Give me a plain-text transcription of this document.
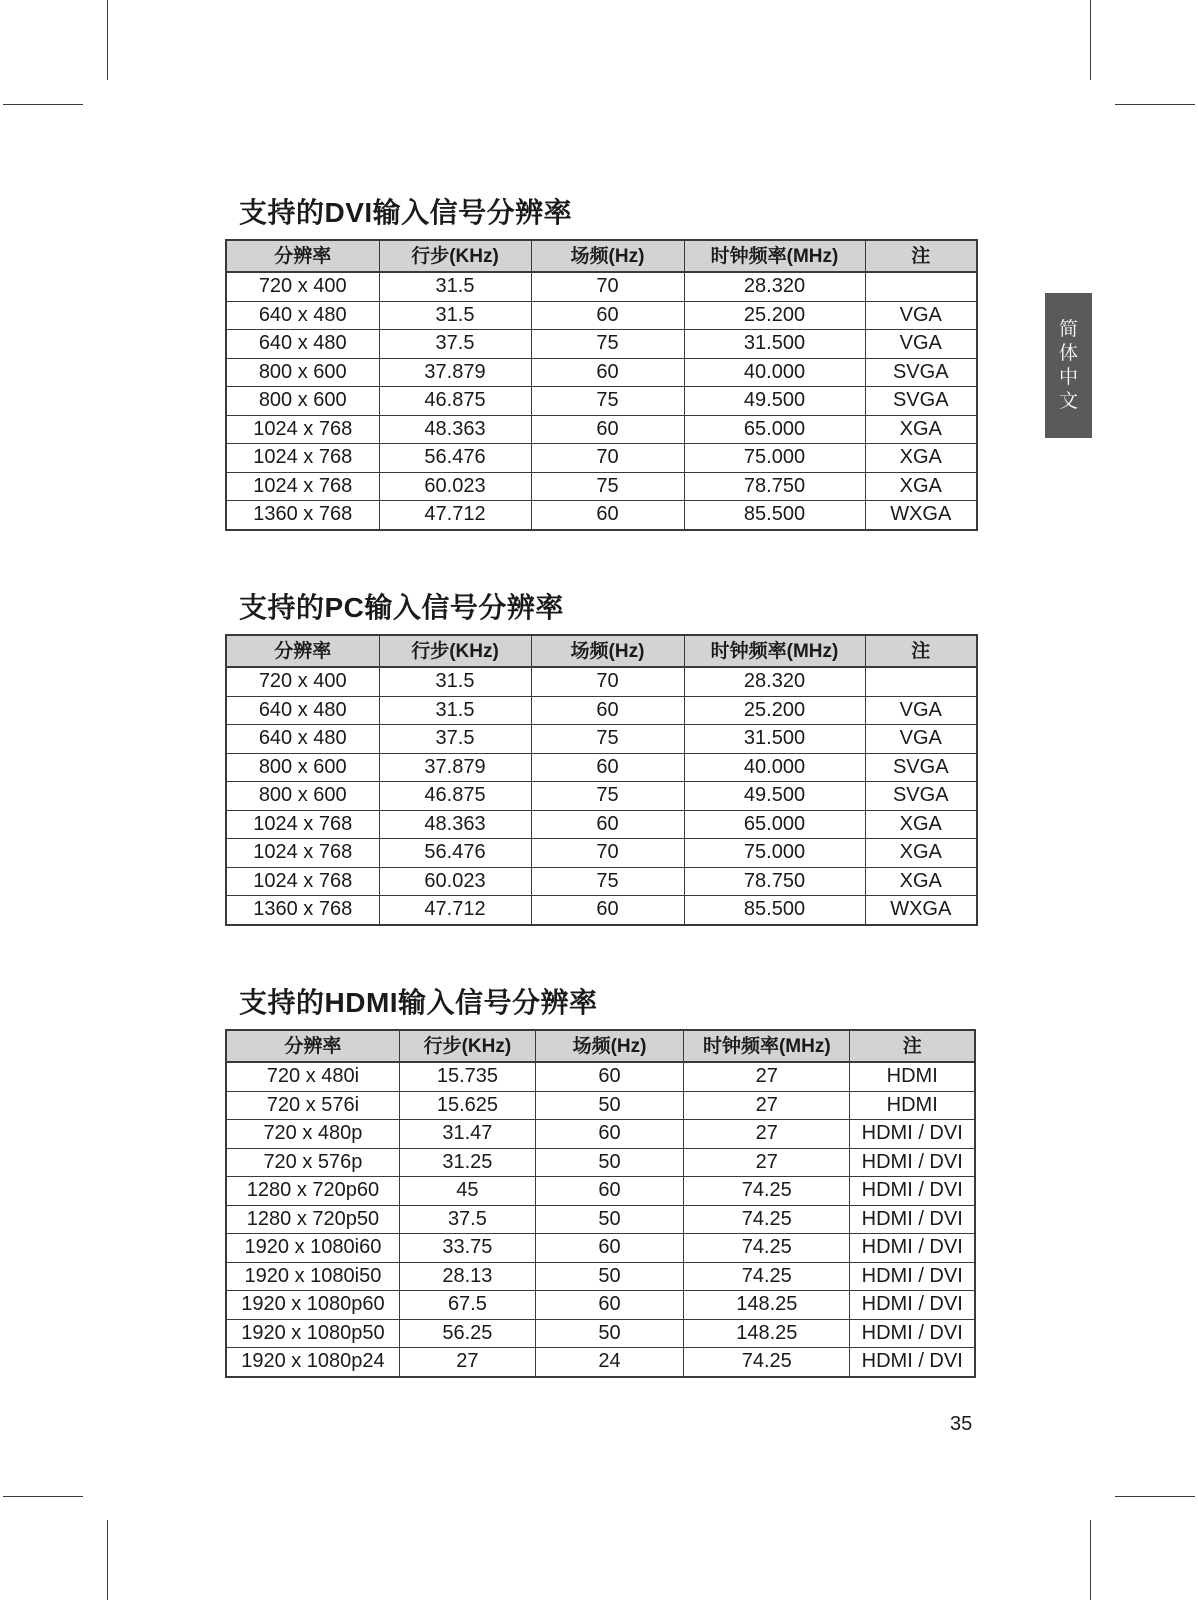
简
体
中
文
支持的DVI输入信号分辨率
分辨率	行步(KHz)	场频(Hz)	时钟频率(MHz)	注
720 x 400	31.5	70	28.320	
640 x 480	31.5	60	25.200	VGA
640 x 480	37.5	75	31.500	VGA
800 x 600	37.879	60	40.000	SVGA
800 x 600	46.875	75	49.500	SVGA
1024 x 768	48.363	60	65.000	XGA
1024 x 768	56.476	70	75.000	XGA
1024 x 768	60.023	75	78.750	XGA
1360 x 768	47.712	60	85.500	WXGA
支持的PC输入信号分辨率
分辨率	行步(KHz)	场频(Hz)	时钟频率(MHz)	注
720 x 400	31.5	70	28.320	
640 x 480	31.5	60	25.200	VGA
640 x 480	37.5	75	31.500	VGA
800 x 600	37.879	60	40.000	SVGA
800 x 600	46.875	75	49.500	SVGA
1024 x 768	48.363	60	65.000	XGA
1024 x 768	56.476	70	75.000	XGA
1024 x 768	60.023	75	78.750	XGA
1360 x 768	47.712	60	85.500	WXGA
支持的HDMI输入信号分辨率
分辨率	行步(KHz)	场频(Hz)	时钟频率(MHz)	注
720 x 480i	15.735	60	27	HDMI
720 x 576i	15.625	50	27	HDMI
720 x 480p	31.47	60	27	HDMI / DVI
720 x 576p	31.25	50	27	HDMI / DVI
1280 x 720p60	45	60	74.25	HDMI / DVI
1280 x 720p50	37.5	50	74.25	HDMI / DVI
1920 x 1080i60	33.75	60	74.25	HDMI / DVI
1920 x 1080i50	28.13	50	74.25	HDMI / DVI
1920 x 1080p60	67.5	60	148.25	HDMI / DVI
1920 x 1080p50	56.25	50	148.25	HDMI / DVI
1920 x 1080p24	27	24	74.25	HDMI / DVI
35
